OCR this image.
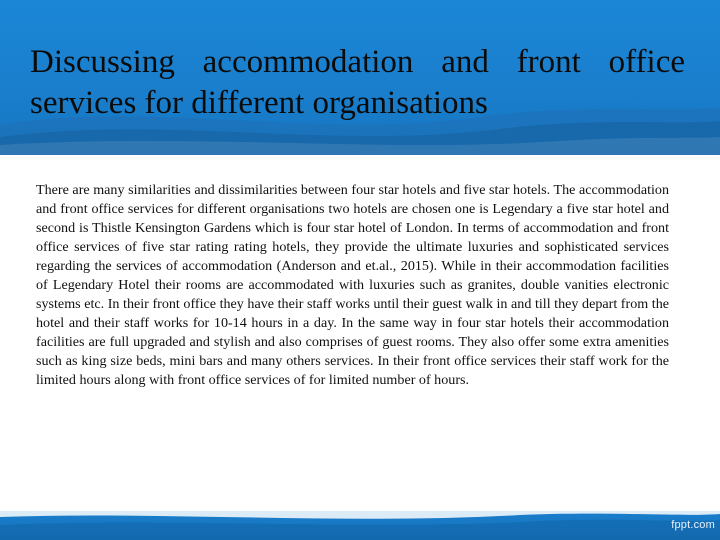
Discussing accommodation and front office services for different organisations

There are many similarities and dissimilarities between four star hotels and five star hotels. The accommodation and front office services for different organisations two hotels are chosen one is Legendary a five star hotel and second is Thistle Kensington Gardens which is four star hotel of London. In terms of accommodation and front office services of five star rating rating hotels, they provide the ultimate luxuries and sophisticated services regarding the services of accommodation (Anderson and et.al., 2015). While in their accommodation facilities of Legendary Hotel their rooms are accommodated with luxuries such as granites, double vanities electronic systems etc. In their front office they have their staff works until their guest walk in and till they depart from the hotel and their staff works for 10-14 hours in a day. In the same way in four star hotels their accommodation facilities are full upgraded and stylish and also comprises of guest rooms. They also offer some extra amenities such as king size beds, mini bars and many others services. In their front office services their staff work for the limited hours along with front office services of for limited number of hours.

fppt.com
